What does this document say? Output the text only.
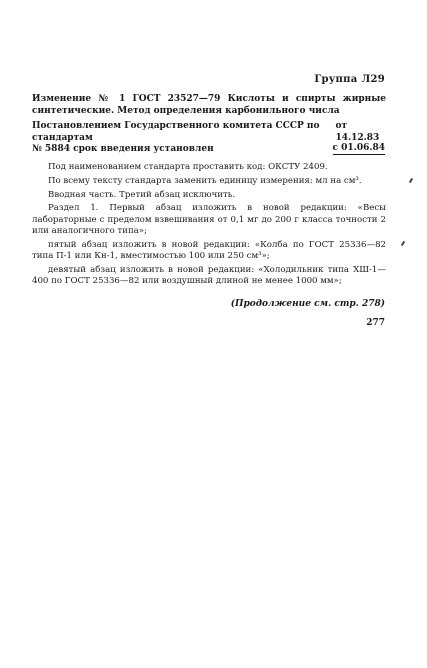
Группа Л29
Изменение № 1 ГОСТ 23527—79 Кислоты и спирты жирные синтетические. Метод определения карбонильного числа
Постановлением Государственного комитета СССР по стандартам
от 14.12.83
№ 5884 срок введения установлен	с 01.06.84

Под наименованием стандарта проставить код: ОКСТУ 2409.

По всему тексту стандарта заменить единицу измерения: мл на см³.

Вводная часть. Третий абзац исключить.

Раздел 1. Первый абзац изложить в новой редакции: «Весы лабораторные с пределом взвешивания от 0,1 мг до 200 г класса точности 2 или аналогичного типа»;

пятый абзац изложить в новой редакции: «Колба по ГОСТ 25336—82 типа П-1 или Кн-1, вместимостью 100 или 250 см³»;

девятый абзац изложить в новой редакции: «Холодильник типа ХШ-1—400 по ГОСТ 25336—82 или воздушный длиной не менее 1000 мм»;

(Продолжение см. стр. 278)
277
